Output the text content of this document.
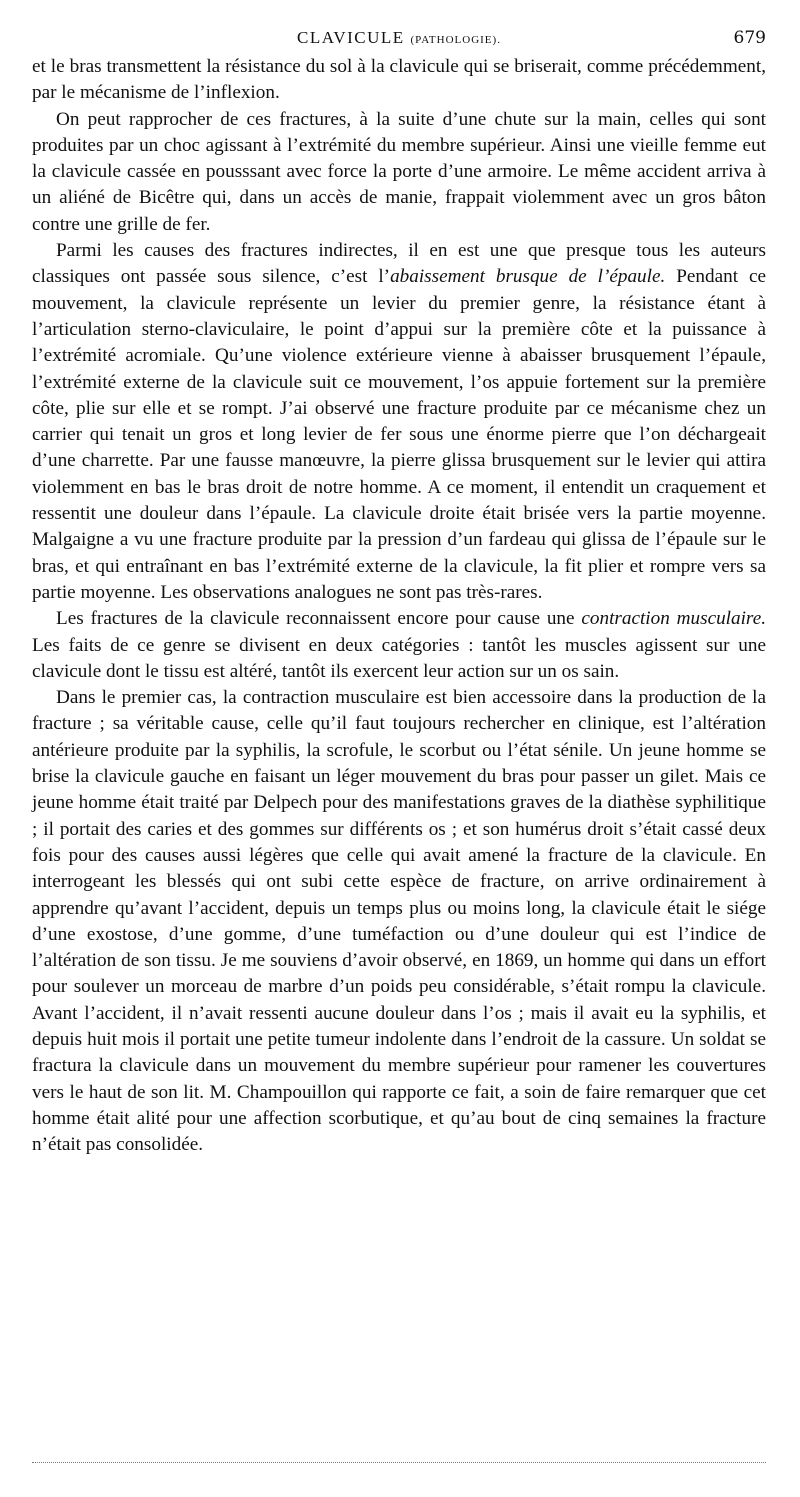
CLAVICULE (PATHOLOGIE).	679

et le bras transmettent la résistance du sol à la clavicule qui se briserait, comme précédemment, par le mécanisme de l’inflexion.

On peut rapprocher de ces fractures, à la suite d’une chute sur la main, celles qui sont produites par un choc agissant à l’extrémité du membre supérieur. Ainsi une vieille femme eut la clavicule cassée en pousssant avec force la porte d’une armoire. Le même accident arriva à un aliéné de Bicêtre qui, dans un accès de manie, frappait violemment avec un gros bâton contre une grille de fer.

Parmi les causes des fractures indirectes, il en est une que presque tous les auteurs classiques ont passée sous silence, c’est l’abaissement brusque de l’épaule. Pendant ce mouvement, la clavicule représente un levier du premier genre, la résistance étant à l’articulation sterno-claviculaire, le point d’appui sur la première côte et la puissance à l’extrémité acromiale. Qu’une violence extérieure vienne à abaisser brusquement l’épaule, l’extrémité externe de la clavicule suit ce mouvement, l’os appuie fortement sur la première côte, plie sur elle et se rompt. J’ai observé une fracture produite par ce mécanisme chez un carrier qui tenait un gros et long levier de fer sous une énorme pierre que l’on déchargeait d’une charrette. Par une fausse manœuvre, la pierre glissa brusquement sur le levier qui attira violemment en bas le bras droit de notre homme. A ce moment, il entendit un craquement et ressentit une douleur dans l’épaule. La clavicule droite était brisée vers la partie moyenne. Malgaigne a vu une fracture produite par la pression d’un fardeau qui glissa de l’épaule sur le bras, et qui entraînant en bas l’extrémité externe de la clavicule, la fit plier et rompre vers sa partie moyenne. Les observations analogues ne sont pas très-rares.

Les fractures de la clavicule reconnaissent encore pour cause une contraction musculaire. Les faits de ce genre se divisent en deux catégories : tantôt les muscles agissent sur une clavicule dont le tissu est altéré, tantôt ils exercent leur action sur un os sain.

Dans le premier cas, la contraction musculaire est bien accessoire dans la production de la fracture ; sa véritable cause, celle qu’il faut toujours rechercher en clinique, est l’altération antérieure produite par la syphilis, la scrofule, le scorbut ou l’état sénile. Un jeune homme se brise la clavicule gauche en faisant un léger mouvement du bras pour passer un gilet. Mais ce jeune homme était traité par Delpech pour des manifestations graves de la diathèse syphilitique ; il portait des caries et des gommes sur différents os ; et son humérus droit s’était cassé deux fois pour des causes aussi légères que celle qui avait amené la fracture de la clavicule. En interrogeant les blessés qui ont subi cette espèce de fracture, on arrive ordinairement à apprendre qu’avant l’accident, depuis un temps plus ou moins long, la clavicule était le siége d’une exostose, d’une gomme, d’une tuméfaction ou d’une douleur qui est l’indice de l’altération de son tissu. Je me souviens d’avoir observé, en 1869, un homme qui dans un effort pour soulever un morceau de marbre d’un poids peu considérable, s’était rompu la clavicule. Avant l’accident, il n’avait ressenti aucune douleur dans l’os ; mais il avait eu la syphilis, et depuis huit mois il portait une petite tumeur indolente dans l’endroit de la cassure. Un soldat se fractura la clavicule dans un mouvement du membre supérieur pour ramener les couvertures vers le haut de son lit. M. Champouillon qui rapporte ce fait, a soin de faire remarquer que cet homme était alité pour une affection scorbutique, et qu’au bout de cinq semaines la fracture n’était pas consolidée.
